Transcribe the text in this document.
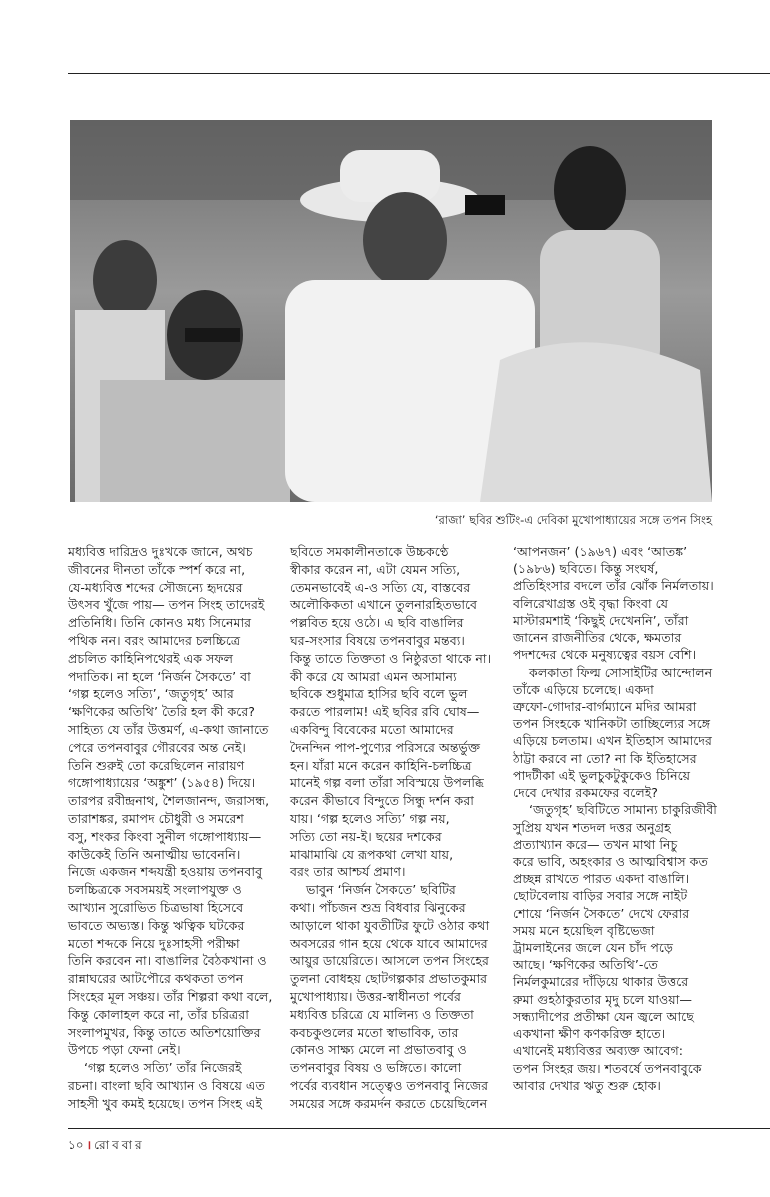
‘রাজা’ ছবির শুটিং-এ দেবিকা মুখোপাধ্যায়ের সঙ্গে তপন সিংহ
মধ্যবিত্ত দারিদ্রও দুঃখকে জানে, অথচ
জীবনের দীনতা তাঁকে স্পর্শ করে না,
যে-মধ্যবিত্ত শব্দের সৌজন্যে হৃদয়ের
উৎসব খুঁজে পায়— তপন সিংহ তাদেরই
প্রতিনিধি। তিনি কোনও মধ্য সিনেমার
পথিক নন। বরং আমাদের চলচ্চিত্রে
প্রচলিত কাহিনিপথেরই এক সফল
পদাতিক। না হলে ‘নির্জন সৈকতে’ বা
‘গল্প হলেও সত্যি’, ‘জতুগৃহ’ আর
‘ক্ষণিকের অতিথি’ তৈরি হল কী করে?
সাহিত্য যে তাঁর উত্তমর্ণ, এ-কথা জানাতে
পেরে তপনবাবুর গৌরবের অন্ত নেই।
তিনি শুরুই তো করেছিলেন নারায়ণ
গঙ্গোপাধ্যায়ের ‘অঙ্কুশ’ (১৯৫৪) দিয়ে।
তারপর রবীন্দ্রনাথ, শৈলজানন্দ, জরাসন্ধ,
তারাশঙ্কর, রমাপদ চৌধুরী ও সমরেশ
বসু, শংকর কিংবা সুনীল গঙ্গোপাধ্যায়—
কাউকেই তিনি অনাত্মীয় ভাবেননি।
নিজে একজন শব্দযন্ত্রী হওয়ায় তপনবাবু
চলচ্চিত্রকে সবসময়ই সংলাপযুক্ত ও
আখ্যান সুরোভিত চিত্রভাষা হিসেবে
ভাবতে অভ্যস্ত। কিন্তু ঋত্বিক ঘটকের
মতো শব্দকে নিয়ে দুঃসাহসী পরীক্ষা
তিনি করবেন না। বাঙালির বৈঠকখানা ও
রান্নাঘরের আটপৌরে কথকতা তপন
সিংহের মূল সঞ্চয়। তাঁর শিল্পরা কথা বলে,
কিন্তু কোলাহল করে না, তাঁর চরিত্ররা
সংলাপমুখর, কিন্তু তাতে অতিশয়োক্তির
উপচে পড়া ফেনা নেই।
‘গল্প হলেও সত্যি’ তাঁর নিজেরই
রচনা। বাংলা ছবি আখ্যান ও বিষয়ে এত
সাহসী খুব কমই হয়েছে। তপন সিংহ এই
ছবিতে সমকালীনতাকে উচ্চকণ্ঠে
স্বীকার করেন না, এটা যেমন সত্যি,
তেমনভাবেই এ-ও সত্যি যে, বাস্তবের
অলৌকিকতা এখানে তুলনারহিতভাবে
পল্লবিত হয়ে ওঠে। এ ছবি বাঙালির
ঘর-সংসার বিষয়ে তপনবাবুর মন্তব্য।
কিন্তু তাতে তিক্ততা ও নিষ্ঠুরতা থাকে না।
কী করে যে আমরা এমন অসামান্য
ছবিকে শুধুমাত্র হাসির ছবি বলে ভুল
করতে পারলাম! এই ছবির রবি ঘোষ—
একবিন্দু বিবেকের মতো আমাদের
দৈনন্দিন পাপ-পুণ্যের পরিসরে অন্তর্ভুক্ত
হন। যাঁরা মনে করেন কাহিনি-চলচ্চিত্র
মানেই গল্প বলা তাঁরা সবিস্ময়ে উপলব্ধি
করেন কীভাবে বিন্দুতে সিন্ধু দর্শন করা
যায়। ‘গল্প হলেও সত্যি’ গল্প নয়,
সত্যি তো নয়-ই। ছয়ের দশকের
মাঝামাঝি যে রূপকথা লেখা যায়,
বরং তার আশ্চর্য প্রমাণ।
ভাবুন ‘নির্জন সৈকতে’ ছবিটির
কথা। পাঁচজন শুভ্র বিধবার ঝিনুকের
আড়ালে থাকা যুবতীটির ফুটে ওঠার কথা
অবসরের গান হয়ে থেকে যাবে আমাদের
আয়ুর ডায়েরিতে। আসলে তপন সিংহের
তুলনা বোধহয় ছোটগল্পকার প্রভাতকুমার
মুখোপাধ্যায়। উত্তর-স্বাধীনতা পর্বের
মধ্যবিত্ত চরিত্রে যে মালিন্য ও তিক্ততা
কবচকুণ্ডলের মতো স্বাভাবিক, তার
কোনও সাক্ষ্য মেলে না প্রভাতবাবু ও
তপনবাবুর বিষয় ও ভঙ্গিতে। কালো
পর্বের ব্যবধান সত্ত্বেও তপনবাবু নিজের
সময়ের সঙ্গে করমর্দন করতে চেয়েছিলেন
‘আপনজন’ (১৯৬৭) এবং ‘আতঙ্ক’
(১৯৮৬) ছবিতে। কিন্তু সংঘর্ষ,
প্রতিহিংসার বদলে তাঁর ঝোঁক নির্মলতায়।
বলিরেখাগ্রস্ত ওই বৃদ্ধা কিংবা যে
মাস্টারমশাই ‘কিছুই দেখেননি’, তাঁরা
জানেন রাজনীতির থেকে, ক্ষমতার
পদশব্দের থেকে মনুষ্যত্বের বয়স বেশি।
কলকাতা ফিল্ম সোসাইটির আন্দোলন
তাঁকে এড়িয়ে চলেছে। একদা
ত্রুফো-গোদার-বার্গম্যানে মদির আমরা
তপন সিংহকে খানিকটা তাচ্ছিল্যের সঙ্গে
এড়িয়ে চলতাম। এখন ইতিহাস আমাদের
ঠাট্টা করবে না তো? না কি ইতিহাসের
পাদটীকা এই ভুলচুকটুকুকেও চিনিয়ে
দেবে দেখার রকমফের বলেই?
‘জতুগৃহ’ ছবিটিতে সামান্য চাকুরিজীবী
সুপ্রিয় যখন শতদল দত্তর অনুগ্রহ
প্রত্যাখ্যান করে— তখন মাথা নিচু
করে ভাবি, অহংকার ও আত্মবিশ্বাস কত
প্রচ্ছন্ন রাখতে পারত একদা বাঙালি।
ছোটবেলায় বাড়ির সবার সঙ্গে নাইট
শোয়ে ‘নির্জন সৈকতে’ দেখে ফেরার
সময় মনে হয়েছিল বৃষ্টিভেজা
ট্রামলাইনের জলে যেন চাঁদ পড়ে
আছে। ‘ক্ষণিকের অতিথি’-তে
নির্মলকুমারের দাঁড়িয়ে থাকার উত্তরে
রুমা গুহঠাকুরতার মৃদু চলে যাওয়া—
সন্ধ্যাদীপের প্রতীক্ষা যেন জ্বলে আছে
একখানা ক্ষীণ কণকরিক্ত হাতে।
এখানেই মধ্যবিত্তর অব্যক্ত আবেগ:
তপন সিংহর জয়। শতবর্ষে তপনবাবুকে
আবার দেখার ঋতু শুরু হোক।
১০ । রোববার
